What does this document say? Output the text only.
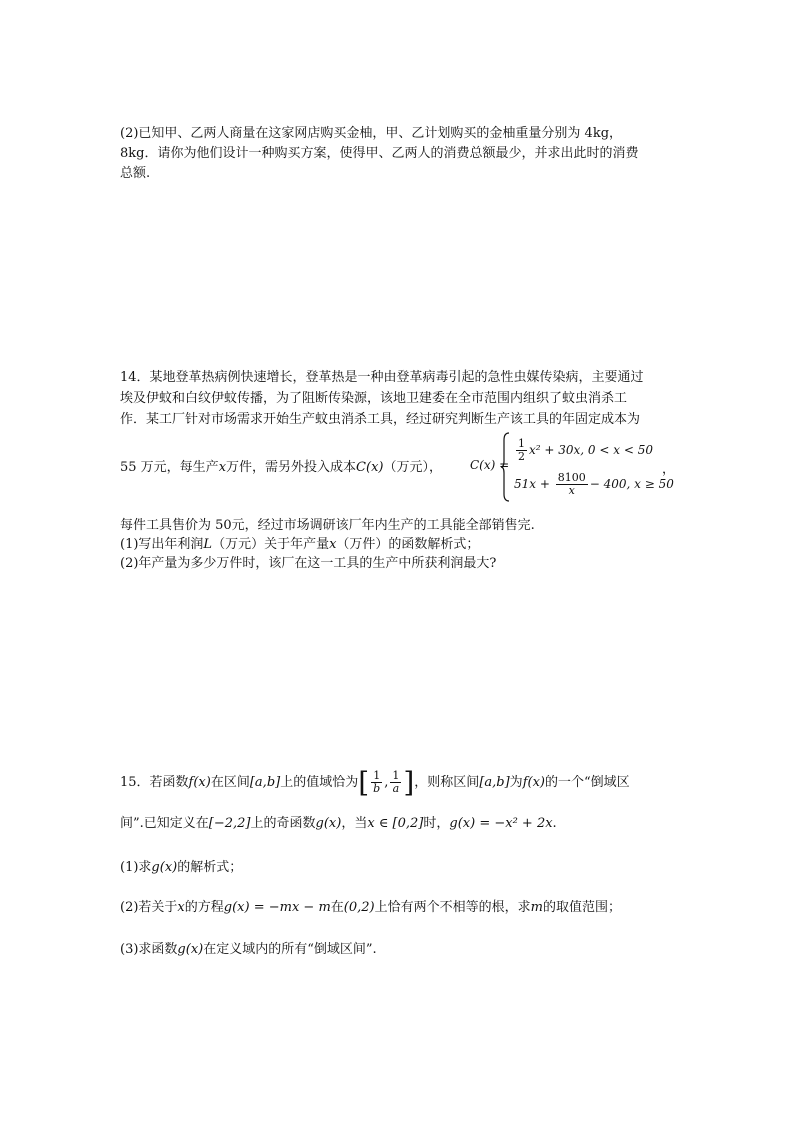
(2)已知甲、乙两人商量在这家网店购买金柚，甲、乙计划购买的金柚重量分别为 4kg，
8kg．请你为他们设计一种购买方案，使得甲、乙两人的消费总额最少，并求出此时的消费
总额.
14．某地登革热病例快速增长，登革热是一种由登革病毒引起的急性虫媒传染病，主要通过
埃及伊蚊和白纹伊蚊传播，为了阻断传染源，该地卫建委在全市范围内组织了蚊虫消杀工
作．某工厂针对市场需求开始生产蚊虫消杀工具，经过研究判断生产该工具的年固定成本为
55 万元，每生产x万件，需另外投入成本C(x)（万元），	C(x) =
$\frac{1}{2} x^2 + 30x$, 0 < x < 50
$51x + \frac{8100}{x} - 400$, x ≥ 50
，
每件工具售价为 50元，经过市场调研该厂年内生产的工具能全部销售完.
(1)写出年利润L（万元）关于年产量x（万件）的函数解析式；
(2)年产量为多少万件时，该厂在这一工具的生产中所获利润最大?
15．若函数f(x)在区间[a,b]上的值域恰为[ $\frac{1}{b}$ , $\frac{1}{a}$ ]，则称区间[a,b]为f(x)的一个“倒域区
间”.已知定义在[−2,2]上的奇函数g(x)，当x ∈ [0,2]时，g(x) = −x² + 2x.
(1)求g(x)的解析式；
(2)若关于x的方程g(x) = −mx − m在(0,2)上恰有两个不相等的根，求m的取值范围；
(3)求函数g(x)在定义域内的所有“倒域区间”.
